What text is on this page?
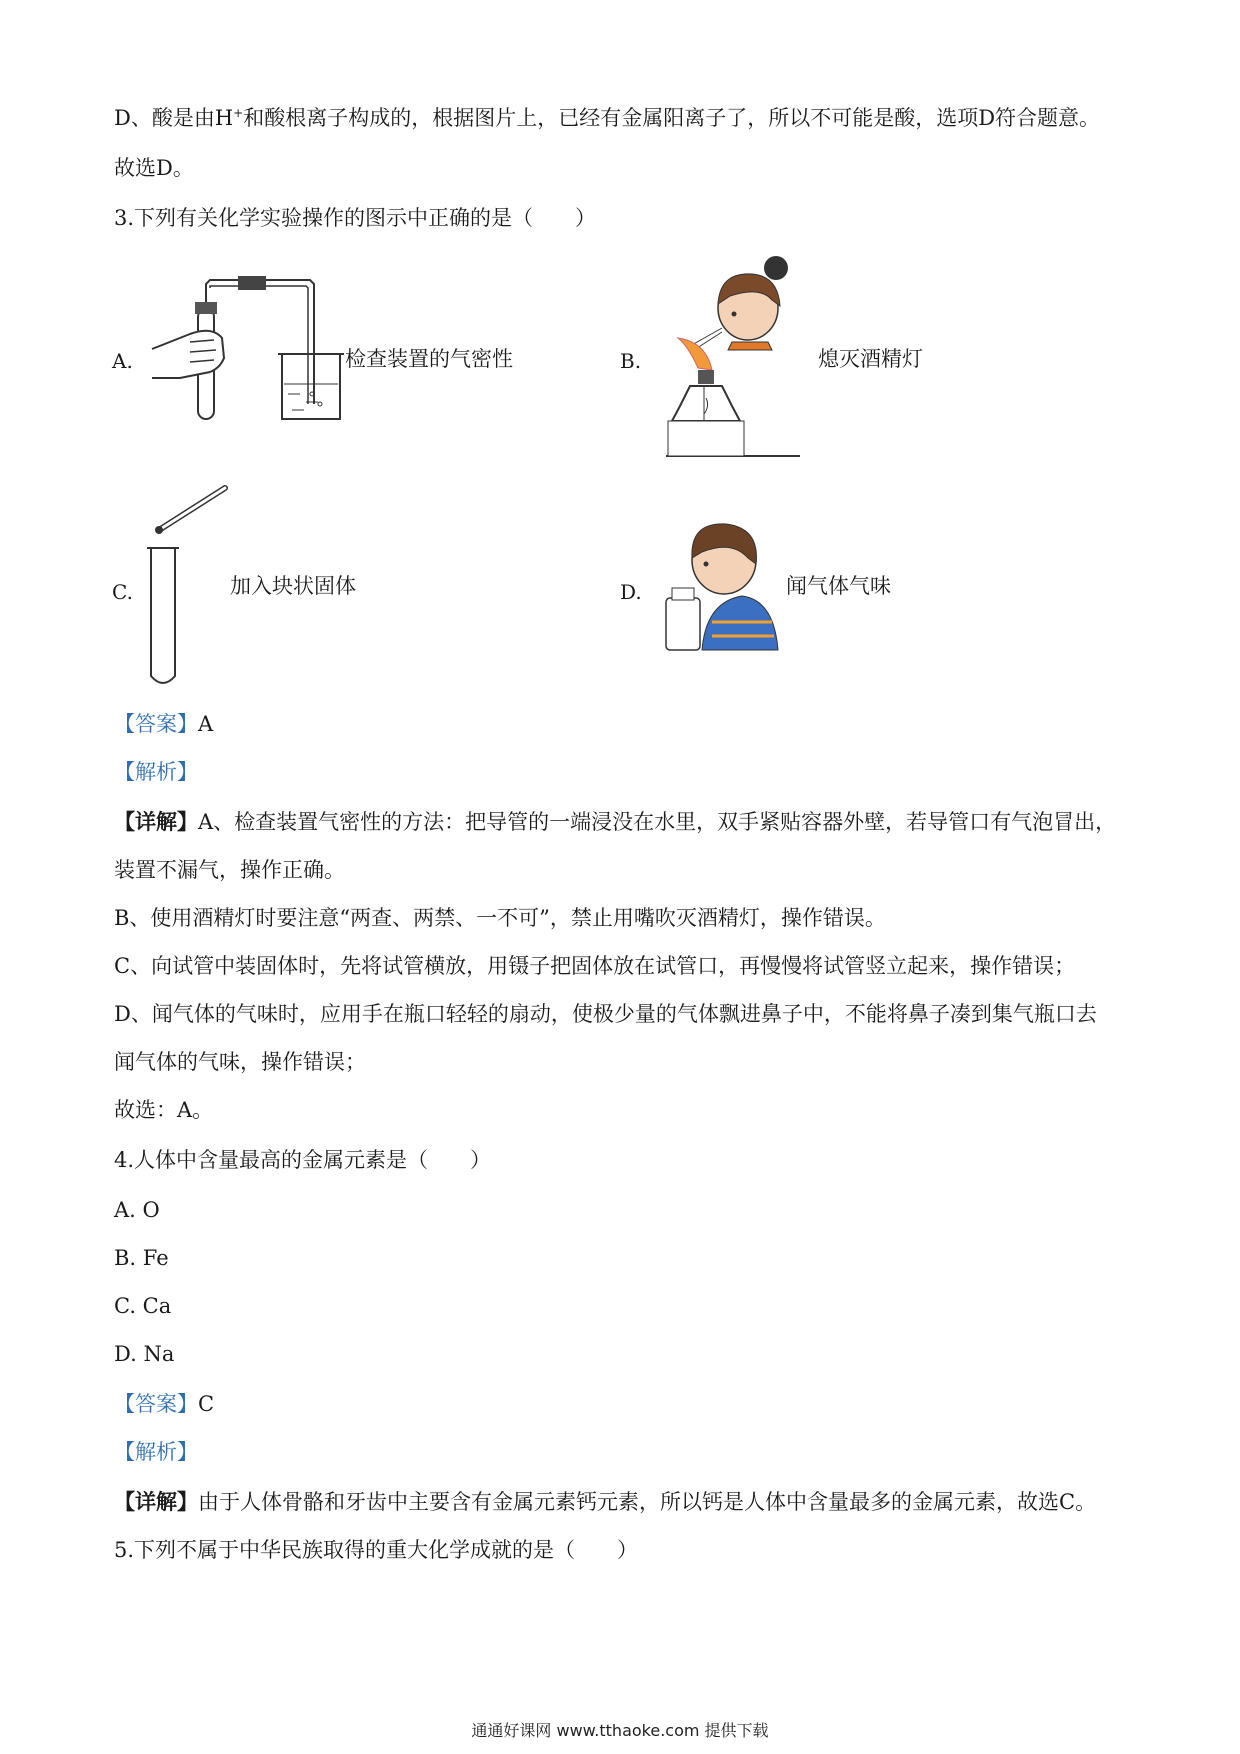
D、酸是由H+和酸根离子构成的，根据图片上，已经有金属阳离子了，所以不可能是酸，选项D符合题意。
故选D。
3.下列有关化学实验操作的图示中正确的是（　　）
A.	检查装置的气密性	B.	熄灭酒精灯
C.	加入块状固体	D.	闻气体气味
【答案】A
【解析】
【详解】A、检查装置气密性的方法：把导管的一端浸没在水里，双手紧贴容器外壁，若导管口有气泡冒出，
装置不漏气，操作正确。
B、使用酒精灯时要注意“两查、两禁、一不可”，禁止用嘴吹灭酒精灯，操作错误。
C、向试管中装固体时，先将试管横放，用镊子把固体放在试管口，再慢慢将试管竖立起来，操作错误；
D、闻气体的气味时，应用手在瓶口轻轻的扇动，使极少量的气体飘进鼻子中，不能将鼻子凑到集气瓶口去
闻气体的气味，操作错误；
故选：A。
4.人体中含量最高的金属元素是（　　）
A. O
B. Fe
C. Ca
D. Na
【答案】C
【解析】
【详解】由于人体骨骼和牙齿中主要含有金属元素钙元素，所以钙是人体中含量最多的金属元素，故选C。
5.下列不属于中华民族取得的重大化学成就的是（　　）
通通好课网 www.tthaoke.com 提供下载
